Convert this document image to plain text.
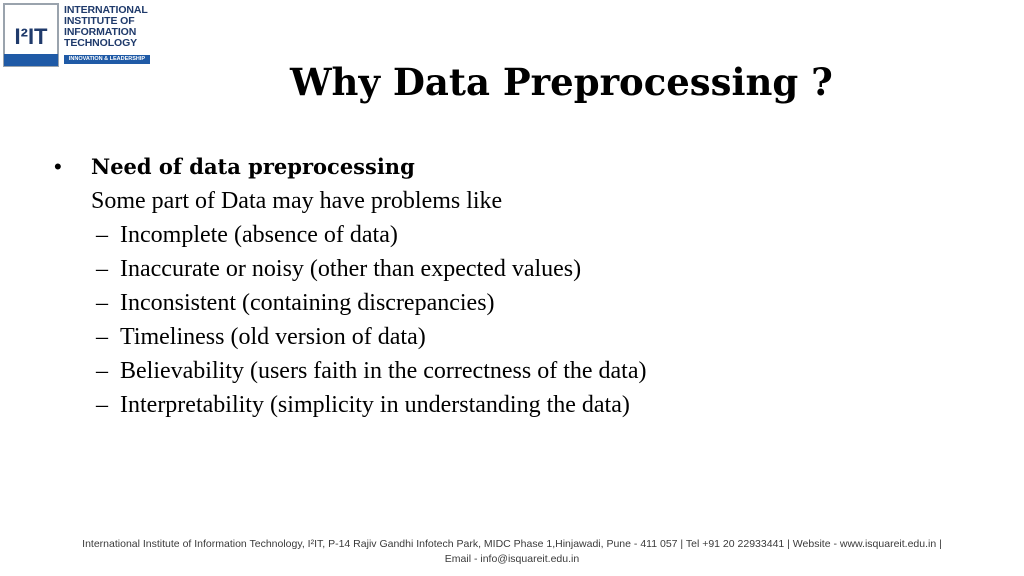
I²IT
INTERNATIONAL
INSTITUTE OF
INFORMATION
TECHNOLOGY
INNOVATION & LEADERSHIP
Why Data Preprocessing ?
• Need of data preprocessing
Some part of Data may have problems like
– Incomplete (absence of data)
– Inaccurate or noisy (other than expected values)
– Inconsistent (containing discrepancies)
– Timeliness (old version of data)
– Believability (users faith in the correctness of the data)
– Interpretability (simplicity in understanding the data)
International Institute of Information Technology, I²IT, P-14 Rajiv Gandhi Infotech Park, MIDC Phase 1,Hinjawadi, Pune - 411 057 | Tel +91 20 22933441 | Website - www.isquareit.edu.in |
Email - info@isquareit.edu.in
